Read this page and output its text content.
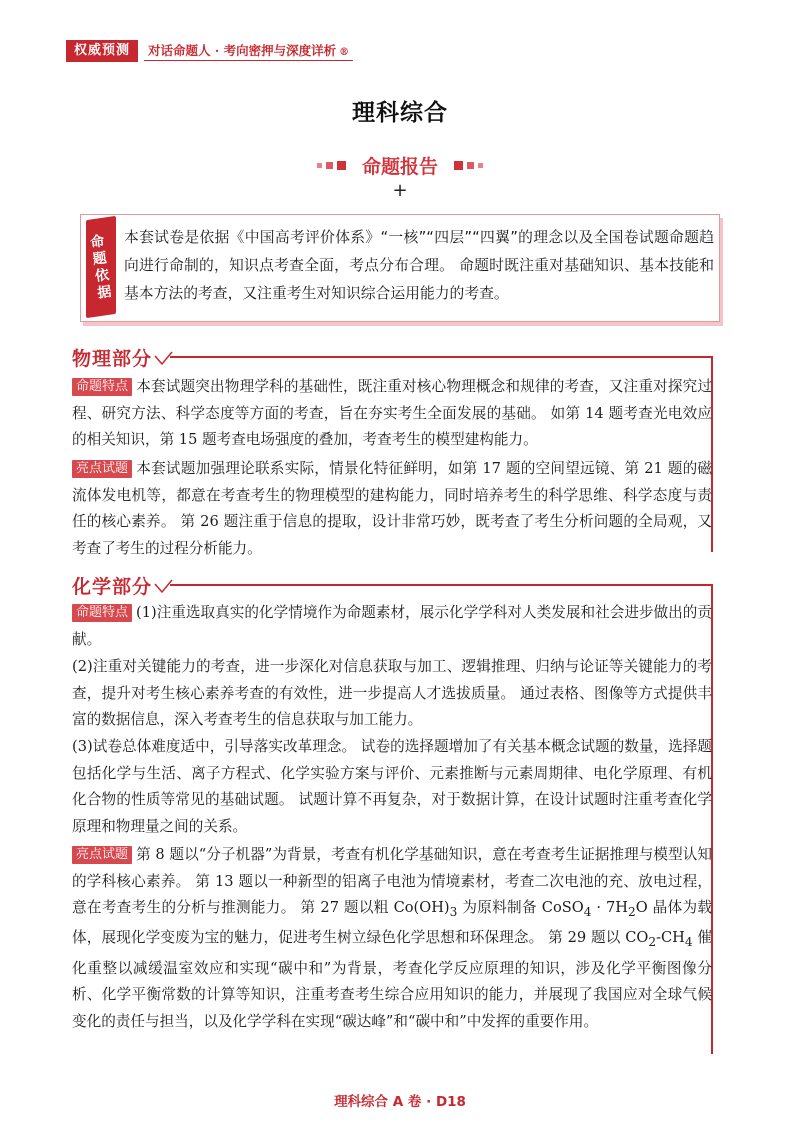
权威预测	对话命题人 · 考向密押与深度详析 ®
理科综合
命题报告
+
命题依据

本套试卷是依据《中国高考评价体系》“一核”“四层”“四翼”的理念以及全国卷试题命题趋向进行命制的，知识点考查全面，考点分布合理。 命题时既注重对基础知识、基本技能和基本方法的考查，又注重考生对知识综合运用能力的考查。

物理部分

命题特点 本套试题突出物理学科的基础性，既注重对核心物理概念和规律的考查，又注重对探究过程、研究方法、科学态度等方面的考查，旨在夯实考生全面发展的基础。 如第 14 题考查光电效应的相关知识，第 15 题考查电场强度的叠加，考查考生的模型建构能力。

亮点试题 本套试题加强理论联系实际，情景化特征鲜明，如第 17 题的空间望远镜、第 21 题的磁流体发电机等，都意在考查考生的物理模型的建构能力，同时培养考生的科学思维、科学态度与责任的核心素养。 第 26 题注重于信息的提取，设计非常巧妙，既考查了考生分析问题的全局观，又考查了考生的过程分析能力。

化学部分

命题特点 (1)注重选取真实的化学情境作为命题素材，展示化学学科对人类发展和社会进步做出的贡献。

(2)注重对关键能力的考查，进一步深化对信息获取与加工、逻辑推理、归纳与论证等关键能力的考查，提升对考生核心素养考查的有效性，进一步提高人才选拔质量。 通过表格、图像等方式提供丰富的数据信息，深入考查考生的信息获取与加工能力。

(3)试卷总体难度适中，引导落实改革理念。 试卷的选择题增加了有关基本概念试题的数量，选择题包括化学与生活、离子方程式、化学实验方案与评价、元素推断与元素周期律、电化学原理、有机化合物的性质等常见的基础试题。 试题计算不再复杂，对于数据计算，在设计试题时注重考查化学原理和物理量之间的关系。

亮点试题 第 8 题以“分子机器”为背景，考查有机化学基础知识，意在考查考生证据推理与模型认知的学科核心素养。 第 13 题以一种新型的铝离子电池为情境素材，考查二次电池的充、放电过程，意在考查考生的分析与推测能力。 第 27 题以粗 $Co(OH)_3$ 为原料制备 CoSO$_4$ · $7H_2O$ 晶体为载体，展现化学变废为宝的魅力，促进考生树立绿色化学思想和环保理念。 第 29 题以 $CO_2-CH_4$ 催化重整以减缓温室效应和实现“碳中和”为背景，考查化学反应原理的知识，涉及化学平衡图像分析、化学平衡常数的计算等知识，注重考查考生综合应用知识的能力，并展现了我国应对全球气候变化的责任与担当，以及化学学科在实现“碳达峰”和“碳中和”中发挥的重要作用。

理科综合 A 卷 · D18
